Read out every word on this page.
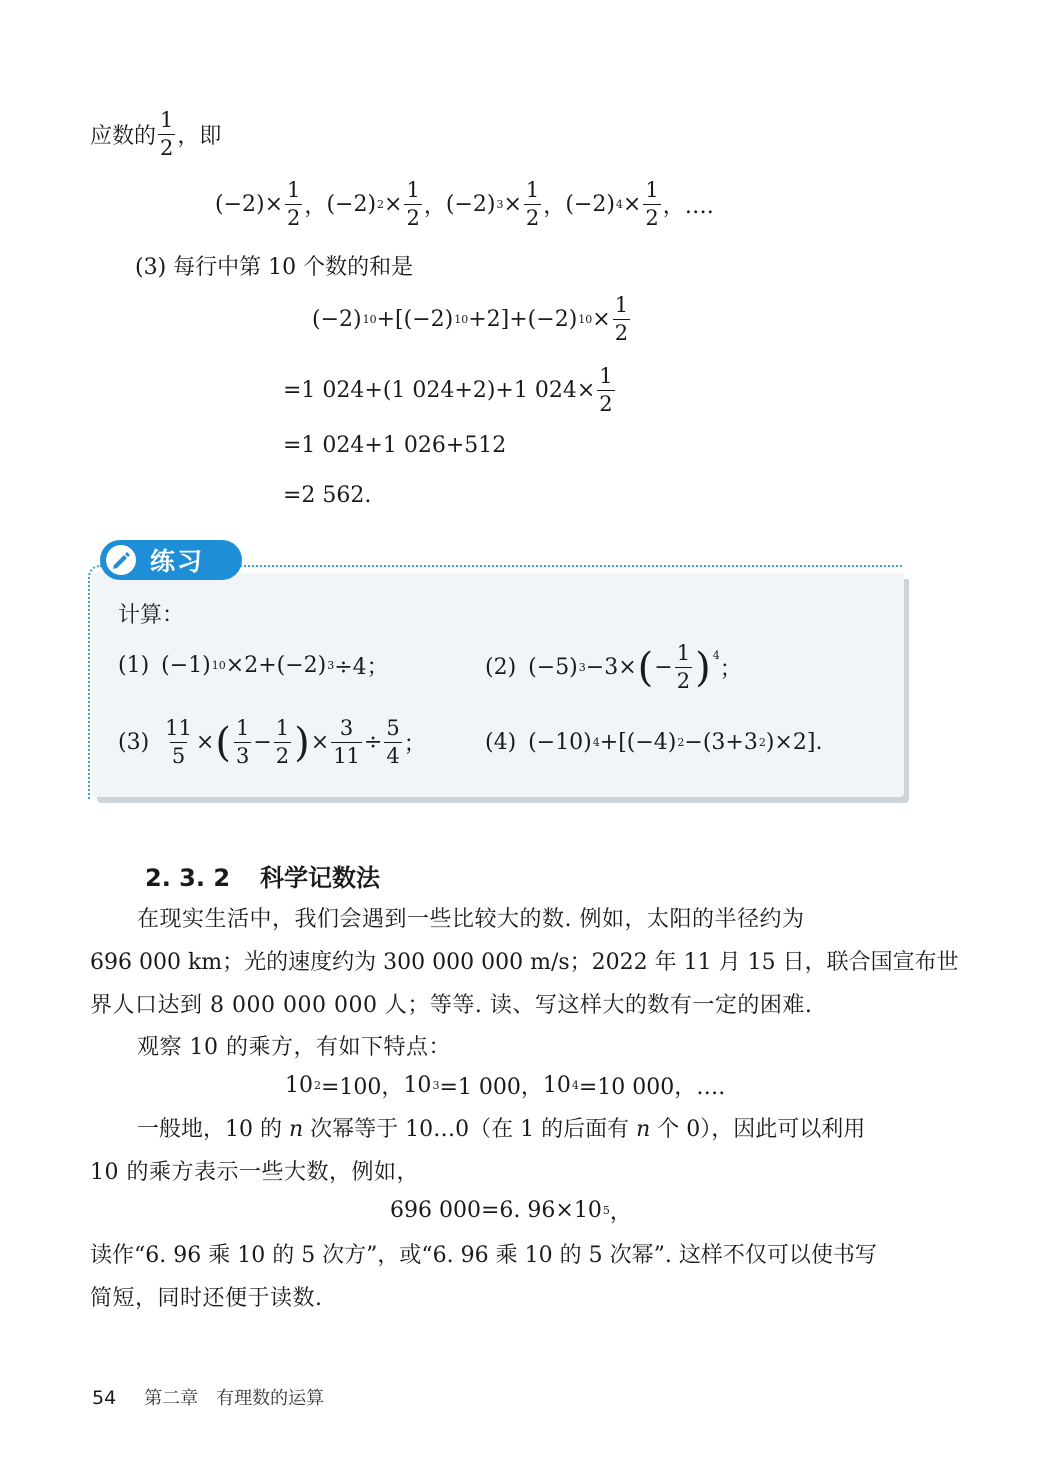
应数的 $\frac{1}{2}$ ，即
$(-2) \times \frac{1}{2}$ ， (−2) $2 \times \frac{1}{2}$ ， (−2) $3 \times \frac{1}{2}$ ， (−2) $4 \times \frac{1}{2}$ ，….
(3) 每行中第 10 个数的和是
(−2) 10 +[(−2) 10 +2]+(−2) $10 \times \frac{1}{2}$
=1 024+(1 024+2)+1 $024\times \frac{1}{2}$
=1 024+1 026+512
=2 562.
练习
计算：
(1) (−1) 10 ×2+(−2) 3 ÷4；	(2) (−5) 3 −3× ( − $\frac{1}{2} )^4$
；
$(3) \frac{11}{5}$ × ( $\frac{1}{3} - \frac{1}{2}$ ) × $\frac{3}{11} \div \frac{5}{4}$ ；	(4) (−10) 4 +[(−4) 2 −(3+3 2 )×2].
2. 3. 2 科学记数法
在现实生活中，我们会遇到一些比较大的数. 例如，太阳的半径约为
696 000 km；光的速度约为 300 000 000 m/s；2022 年 11 月 15 日，联合国宣布世
界人口达到 8 000 000 000 人；等等. 读、写这样大的数有一定的困难.
观察 10 的乘方，有如下特点：
10 2 =100， 10 3 =1 000， 10 4 =10 000，….
一般地，10 的 n 次幂等于 10…0（在 1 的后面有 n 个 0），因此可以利用
10 的乘方表示一些大数，例如，
696 000=6. 96×10 5 ，
读作“6. 96 乘 10 的 5 次方”，或“6. 96 乘 10 的 5 次幂”. 这样不仅可以使书写
简短，同时还便于读数.
54 第二章　有理数的运算
